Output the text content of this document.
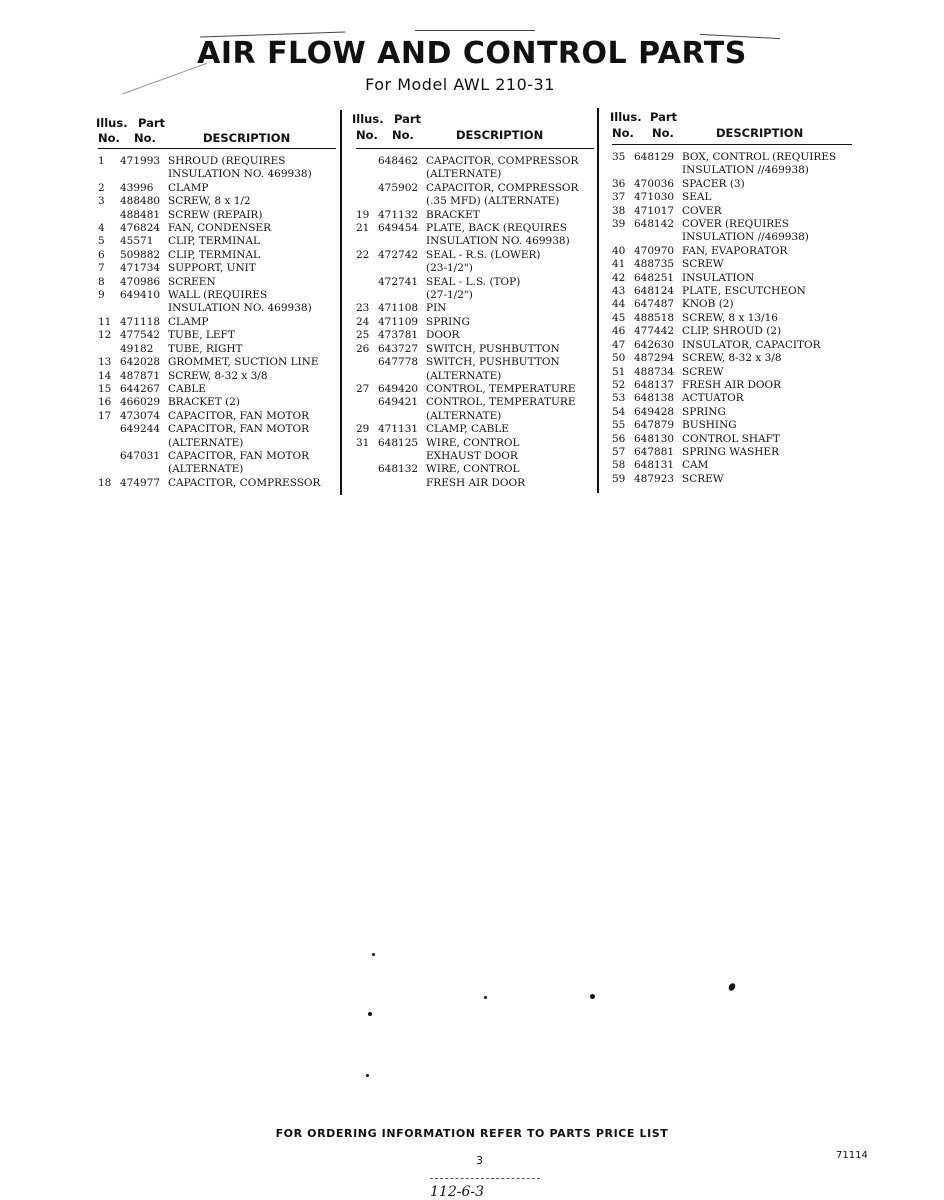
AIR FLOW AND CONTROL PARTS
For Model AWL 210-31
Illus. Part
No. No.	DESCRIPTION
1	471993 SHROUD (REQUIRES
INSULATION NO. 469938)
2	43996	CLAMP
3	488480 SCREW, 8 x 1/2
488481 SCREW (REPAIR)
4	476824 FAN, CONDENSER
5	45571	CLIP, TERMINAL
6	509882 CLIP, TERMINAL
7	471734 SUPPORT, UNIT
8	470986 SCREEN
9	649410 WALL (REQUIRES
INSULATION NO. 469938)
11 471118 CLAMP
12 477542 TUBE, LEFT
49182	TUBE, RIGHT
13 642028 GROMMET, SUCTION LINE
14 487871 SCREW, 8-32 x 3/8
15 644267 CABLE
16 466029 BRACKET (2)
17 473074 CAPACITOR, FAN MOTOR
649244 CAPACITOR, FAN MOTOR
(ALTERNATE)
647031 CAPACITOR, FAN MOTOR
(ALTERNATE)
18 474977 CAPACITOR, COMPRESSOR
Illus. Part
No. No.	DESCRIPTION
648462 CAPACITOR, COMPRESSOR
(ALTERNATE)
475902 CAPACITOR, COMPRESSOR
(.35 MFD) (ALTERNATE)
19 471132 BRACKET
21 649454 PLATE, BACK (REQUIRES
INSULATION NO. 469938)
22 472742 SEAL - R.S. (LOWER)
(23-1/2")
472741 SEAL - L.S. (TOP)
(27-1/2")
23 471108 PIN
24 471109 SPRING
25 473781 DOOR
26 643727 SWITCH, PUSHBUTTON
647778 SWITCH, PUSHBUTTON
(ALTERNATE)
27 649420 CONTROL, TEMPERATURE
649421 CONTROL, TEMPERATURE
(ALTERNATE)
29 471131 CLAMP, CABLE
31 648125 WIRE, CONTROL
EXHAUST DOOR
648132 WIRE, CONTROL
FRESH AIR DOOR
Illus. Part
No. No.	DESCRIPTION
35 648129 BOX, CONTROL (REQUIRES
INSULATION //469938)
36 470036 SPACER (3)
37 471030 SEAL
38 471017 COVER
39 648142 COVER (REQUIRES
INSULATION //469938)
40 470970 FAN, EVAPORATOR
41 488735 SCREW
42 648251 INSULATION
43 648124 PLATE, ESCUTCHEON
44 647487 KNOB (2)
45 488518 SCREW, 8 x 13/16
46 477442 CLIP, SHROUD (2)
47 642630 INSULATOR, CAPACITOR
50 487294 SCREW, 8-32 x 3/8
51 488734 SCREW
52 648137 FRESH AIR DOOR
53 648138 ACTUATOR
54 649428 SPRING
55 647879 BUSHING
56 648130 CONTROL SHAFT
57 647881 SPRING WASHER
58 648131 CAM
59 487923 SCREW
FOR ORDERING INFORMATION REFER TO PARTS PRICE LIST
3	71114
112-6-3
